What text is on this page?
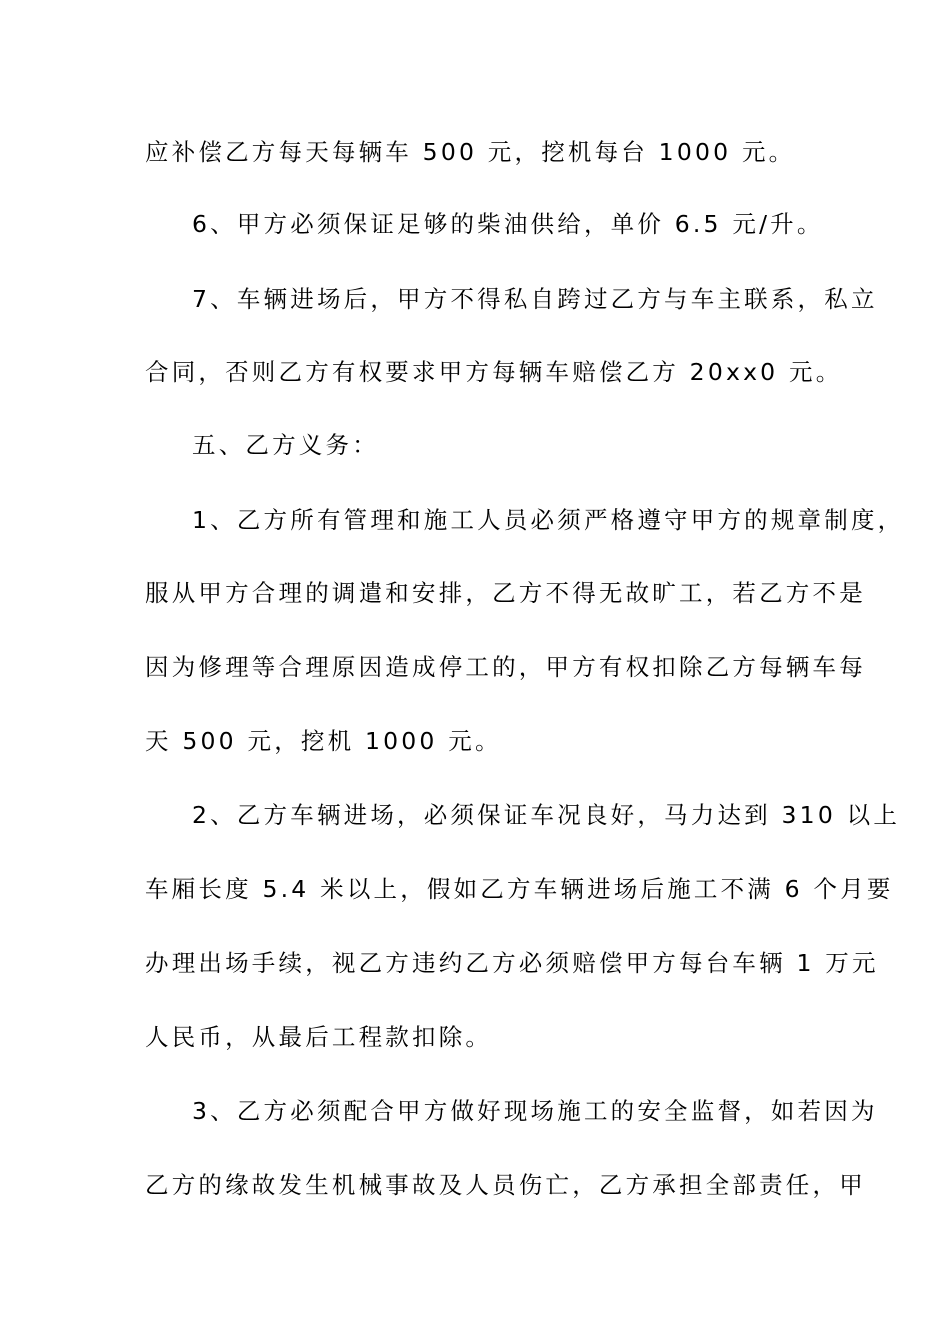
应补偿乙方每天每辆车 500 元，挖机每台 1000 元。
6、甲方必须保证足够的柴油供给，单价 6.5 元/升。
7、车辆进场后，甲方不得私自跨过乙方与车主联系，私立
合同，否则乙方有权要求甲方每辆车赔偿乙方 20xx0 元。
五、乙方义务：
1、乙方所有管理和施工人员必须严格遵守甲方的规章制度，
服从甲方合理的调遣和安排，乙方不得无故旷工，若乙方不是
因为修理等合理原因造成停工的，甲方有权扣除乙方每辆车每
天 500 元，挖机 1000 元。
2、乙方车辆进场，必须保证车况良好，马力达到 310 以上
车厢长度 5.4 米以上，假如乙方车辆进场后施工不满 6 个月要
办理出场手续，视乙方违约乙方必须赔偿甲方每台车辆 1 万元
人民币，从最后工程款扣除。
3、乙方必须配合甲方做好现场施工的安全监督，如若因为
乙方的缘故发生机械事故及人员伤亡，乙方承担全部责任，甲
